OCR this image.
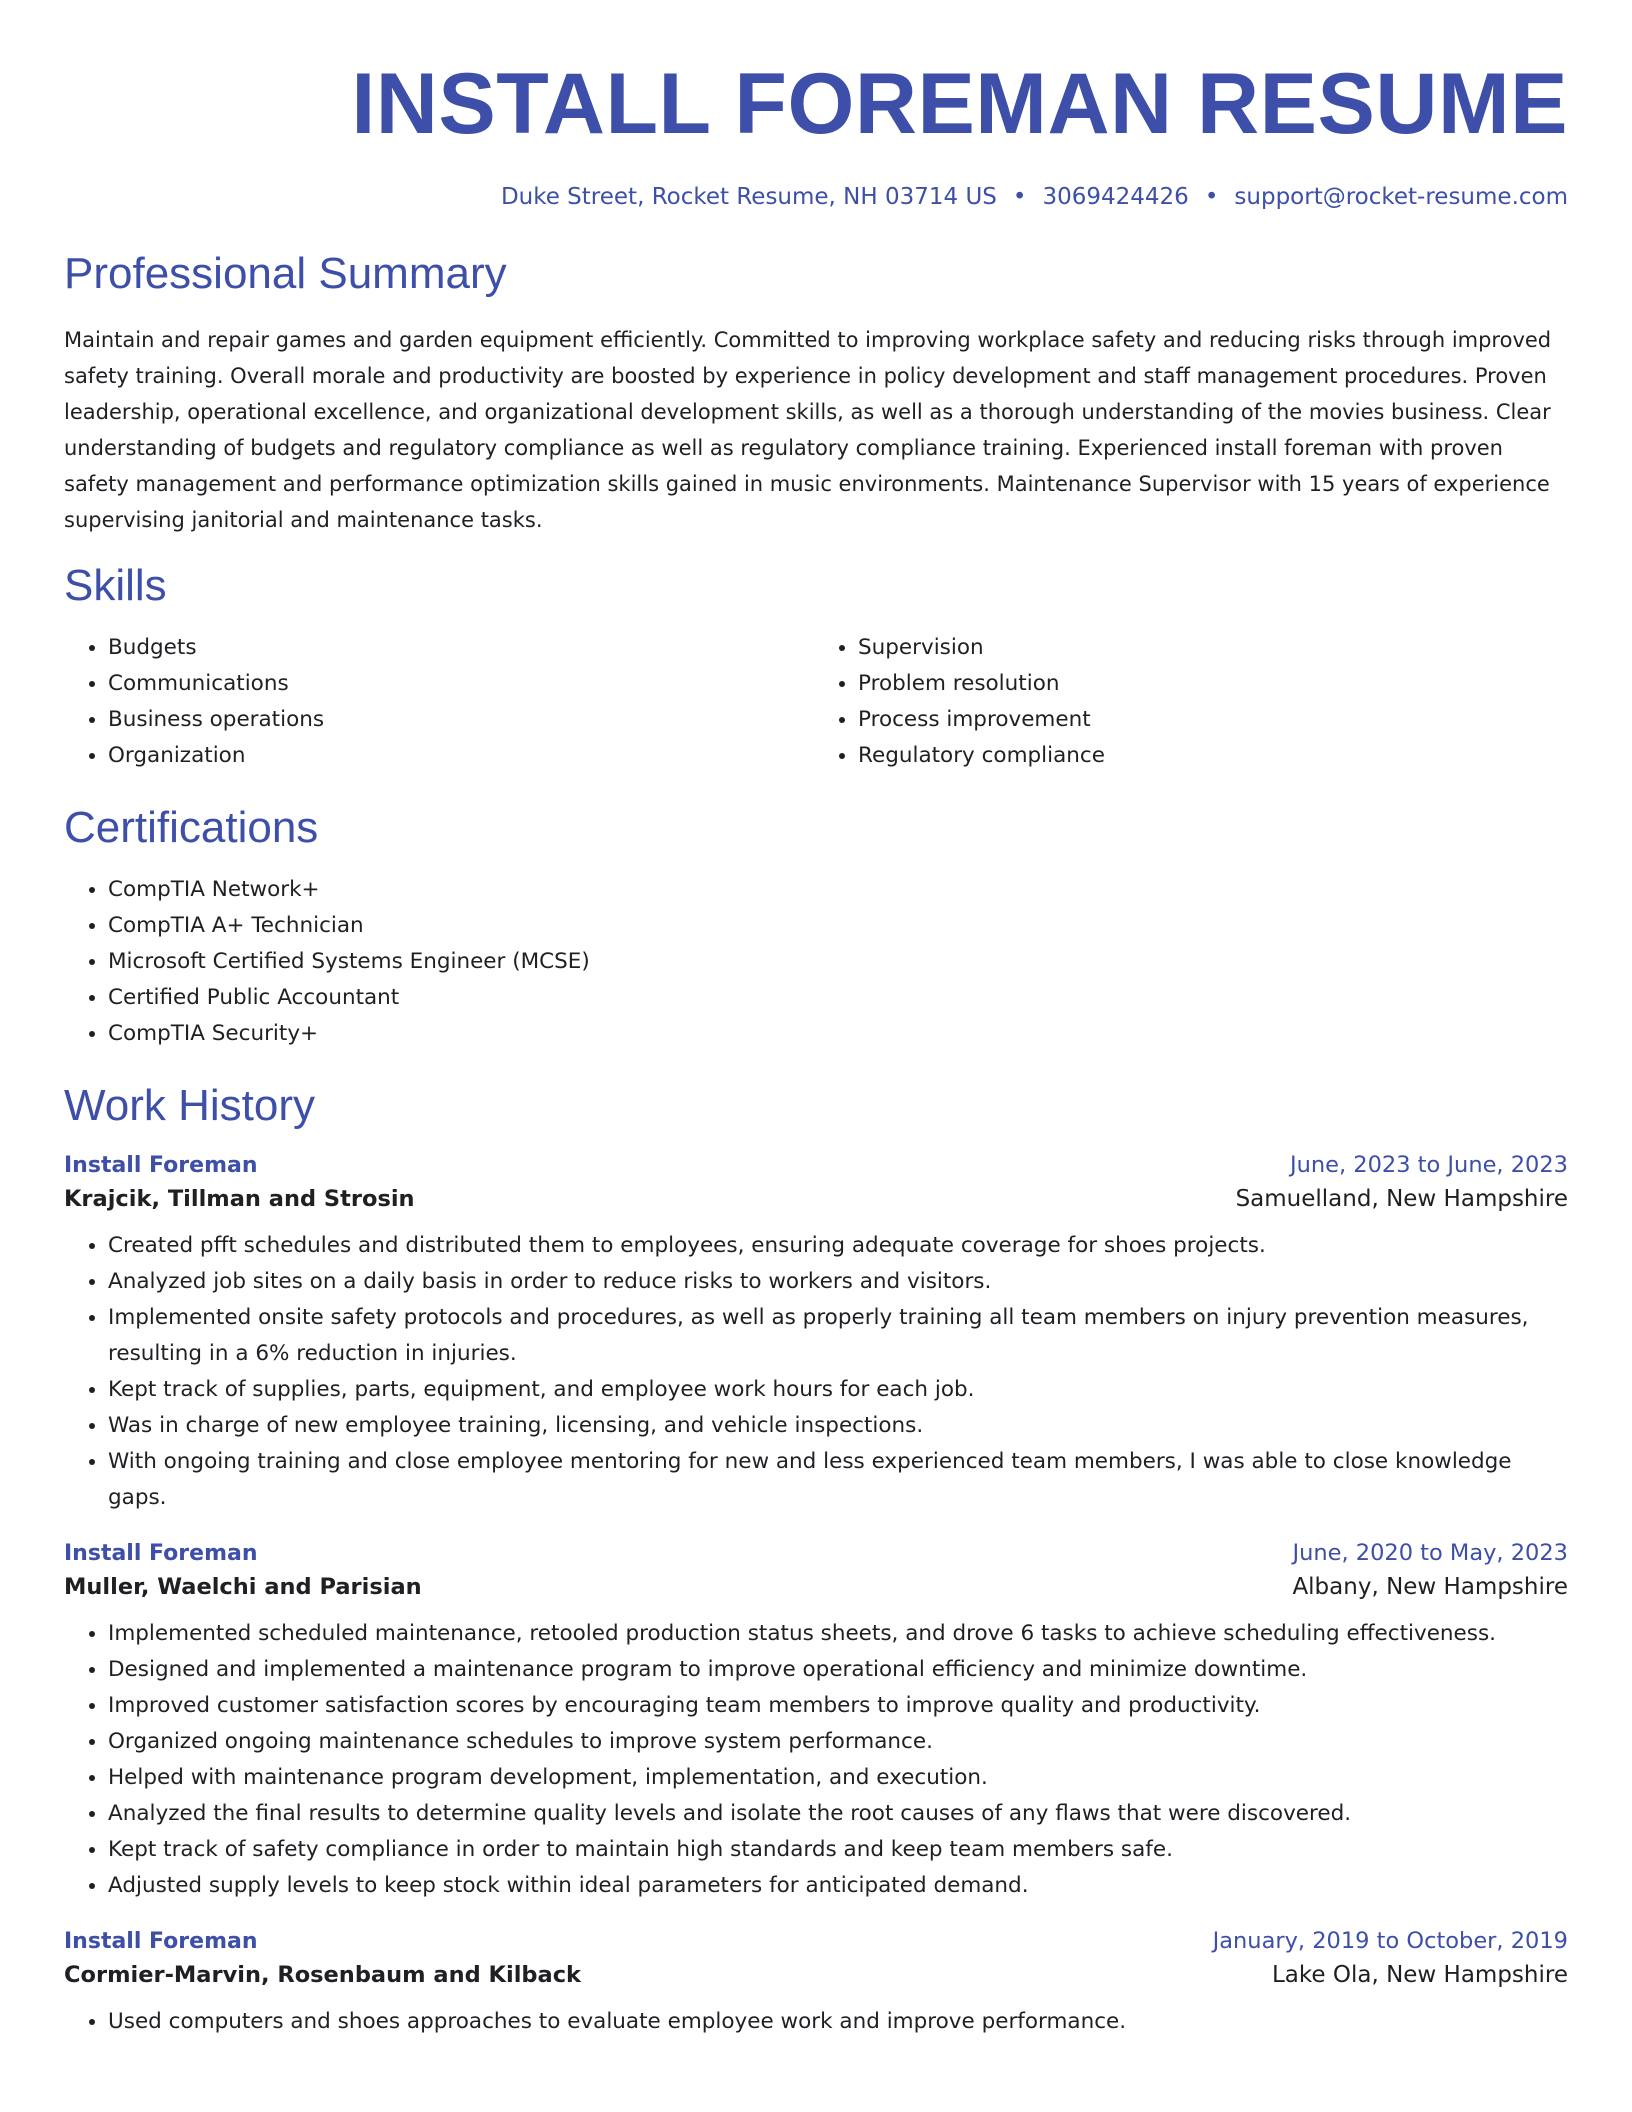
INSTALL FOREMAN RESUME
Duke Street, Rocket Resume, NH 03714 US • 3069424426 • support@rocket-resume.com
Professional Summary

Maintain and repair games and garden equipment efficiently. Committed to improving workplace safety and reducing risks through improved safety training. Overall morale and productivity are boosted by experience in policy development and staff management procedures. Proven leadership, operational excellence, and organizational development skills, as well as a thorough understanding of the movies business. Clear understanding of budgets and regulatory compliance as well as regulatory compliance training. Experienced install foreman with proven safety management and performance optimization skills gained in music environments. Maintenance Supervisor with 15 years of experience supervising janitorial and maintenance tasks.

Skills
• Budgets
• Communications
• Business operations
• Organization
• Supervision
• Problem resolution
• Process improvement
• Regulatory compliance
Certifications
• CompTIA Network+
• CompTIA A+ Technician
• Microsoft Certified Systems Engineer (MCSE)
• Certified Public Accountant
• CompTIA Security+
Work History
Install Foreman	June, 2023 to June, 2023
Krajcik, Tillman and Strosin	Samuelland, New Hampshire
• Created pfft schedules and distributed them to employees, ensuring adequate coverage for shoes projects.
• Analyzed job sites on a daily basis in order to reduce risks to workers and visitors.
• Implemented onsite safety protocols and procedures, as well as properly training all team members on injury prevention measures, resulting in a 6% reduction in injuries.
• Kept track of supplies, parts, equipment, and employee work hours for each job.
• Was in charge of new employee training, licensing, and vehicle inspections.
• With ongoing training and close employee mentoring for new and less experienced team members, I was able to close knowledge gaps.
Install Foreman	June, 2020 to May, 2023
Muller, Waelchi and Parisian	Albany, New Hampshire
• Implemented scheduled maintenance, retooled production status sheets, and drove 6 tasks to achieve scheduling effectiveness.
• Designed and implemented a maintenance program to improve operational efficiency and minimize downtime.
• Improved customer satisfaction scores by encouraging team members to improve quality and productivity.
• Organized ongoing maintenance schedules to improve system performance.
• Helped with maintenance program development, implementation, and execution.
• Analyzed the final results to determine quality levels and isolate the root causes of any flaws that were discovered.
• Kept track of safety compliance in order to maintain high standards and keep team members safe.
• Adjusted supply levels to keep stock within ideal parameters for anticipated demand.
Install Foreman	January, 2019 to October, 2019
Cormier-Marvin, Rosenbaum and Kilback	Lake Ola, New Hampshire
• Used computers and shoes approaches to evaluate employee work and improve performance.
